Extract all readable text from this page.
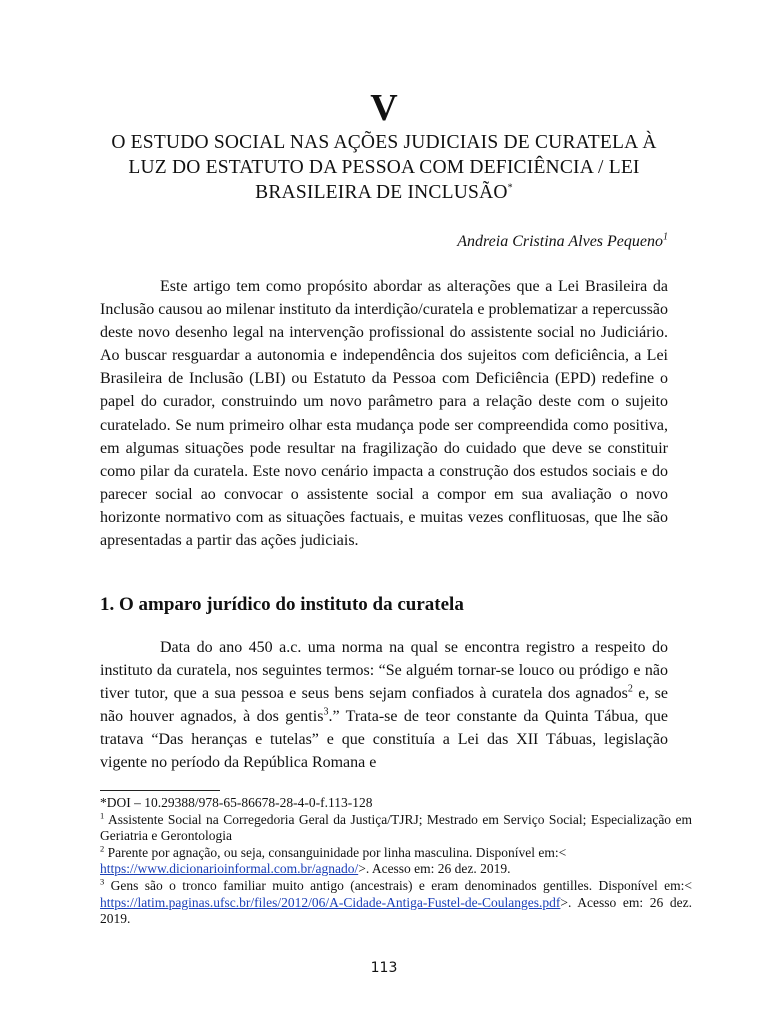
V
O ESTUDO SOCIAL NAS AÇÕES JUDICIAIS DE CURATELA À LUZ DO ESTATUTO DA PESSOA COM DEFICIÊNCIA / LEI BRASILEIRA DE INCLUSÃO*
Andreia Cristina Alves Pequeno$^1$

Este artigo tem como propósito abordar as alterações que a Lei Brasileira da Inclusão causou ao milenar instituto da interdição/curatela e problematizar a repercussão deste novo desenho legal na intervenção profissional do assistente social no Judiciário. Ao buscar resguardar a autonomia e independência dos sujeitos com deficiência, a Lei Brasileira de Inclusão (LBI) ou Estatuto da Pessoa com Deficiência (EPD) redefine o papel do curador, construindo um novo parâmetro para a relação deste com o sujeito curatelado. Se num primeiro olhar esta mudança pode ser compreendida como positiva, em algumas situações pode resultar na fragilização do cuidado que deve se constituir como pilar da curatela. Este novo cenário impacta a construção dos estudos sociais e do parecer social ao convocar o assistente social a compor em sua avaliação o novo horizonte normativo com as situações factuais, e muitas vezes conflituosas, que lhe são apresentadas a partir das ações judiciais.

1. O amparo jurídico do instituto da curatela

Data do ano 450 a.c. uma norma na qual se encontra registro a respeito do instituto da curatela, nos seguintes termos: “Se alguém tornar-se louco ou pródigo e não tiver tutor, que a sua pessoa e seus bens sejam confiados à curatela dos agnados$^2$ e, se não houver agnados, à dos gentis$^3$.” Trata-se de teor constante da Quinta Tábua, que tratava “Das heranças e tutelas” e que constituía a Lei das XII Tábuas, legislação vigente no período da República Romana e

*DOI – 10.29388/978-65-86678-28-4-0-f.113-128

$^1$ Assistente Social na Corregedoria Geral da Justiça/TJRJ; Mestrado em Serviço Social; Especialização em Geriatria e Gerontologia

$^2$ Parente por agnação, ou seja, consanguinidade por linha masculina. Disponível em:<
https://www.dicionarioinformal.com.br/agnado/>. Acesso em: 26 dez. 2019.

$^3$ Gens são o tronco familiar muito antigo (ancestrais) e eram denominados gentilles. Disponível em:< https://latim.paginas.ufsc.br/files/2012/06/A-Cidade-Antiga-Fustel-de-Coulanges.pdf>. Acesso em: 26 dez. 2019.

113
